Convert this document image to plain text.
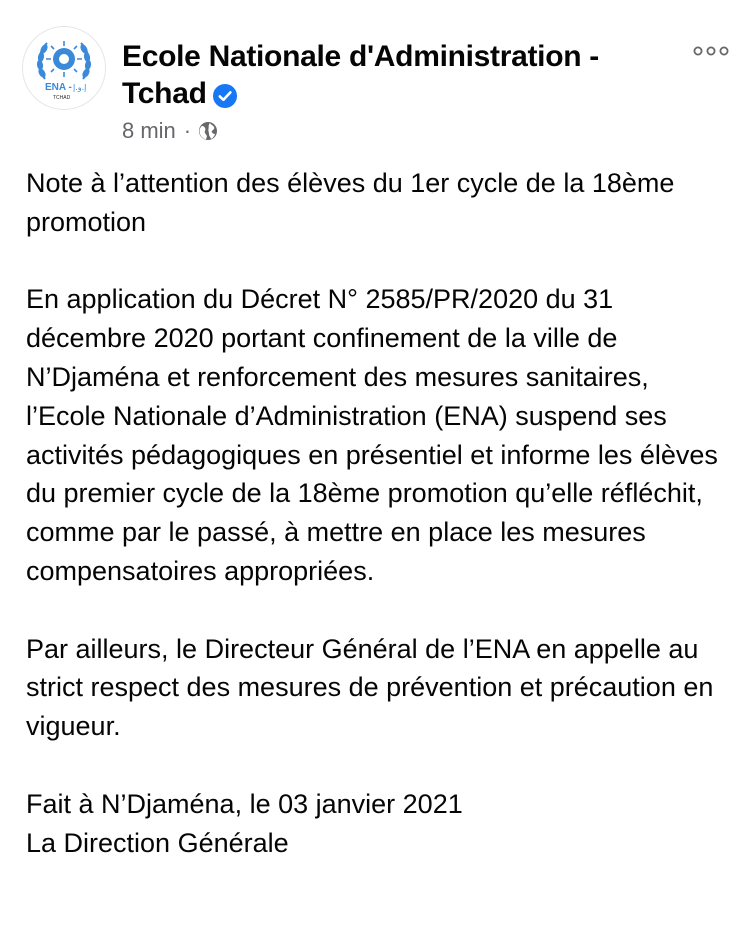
ENA - إ.و.إ
TCHAD
Ecole Nationale d'Administration - Tchad
8 min ·

Note à l’attention des élèves du 1er cycle de la 18ème promotion

En application du Décret N° 2585/PR/2020 du 31 décembre 2020 portant confinement de la ville de N’Djaména et renforcement des mesures sanitaires, l’Ecole Nationale d’Administration (ENA) suspend ses activités pédagogiques en présentiel et informe les élèves du premier cycle de la 18ème promotion qu’elle réfléchit, comme par le passé, à mettre en place les mesures compensatoires appropriées.

Par ailleurs, le Directeur Général de l’ENA en appelle au strict respect des mesures de prévention et précaution en vigueur.

Fait à N’Djaména, le 03 janvier 2021

La Direction Générale
